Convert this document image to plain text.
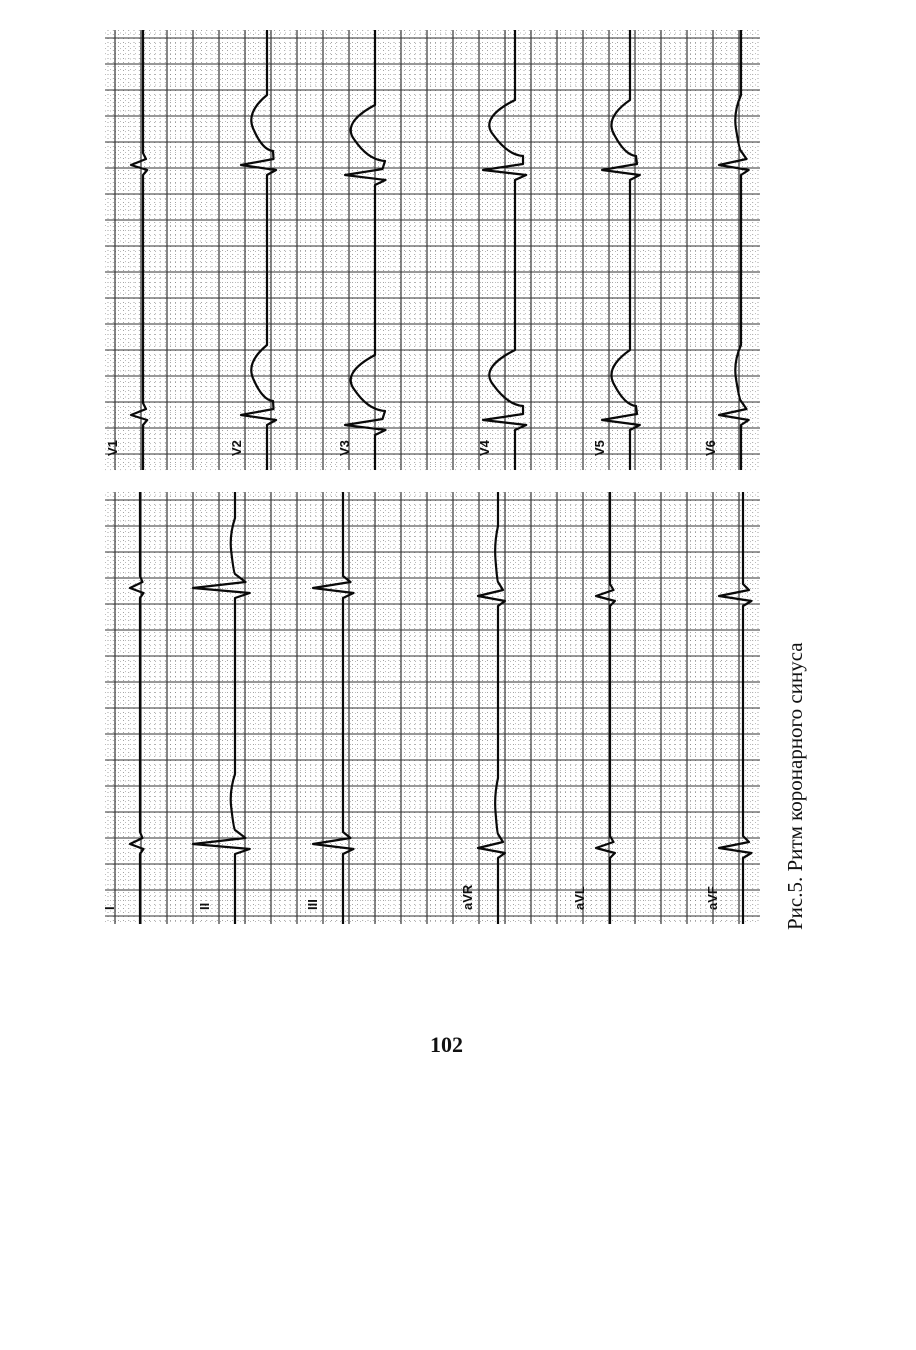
V1	V2	V3	V4	V5	V6
I	II	III	aVR	aVL	aVF	Рис.5. Ритм коронарного синуса
102
